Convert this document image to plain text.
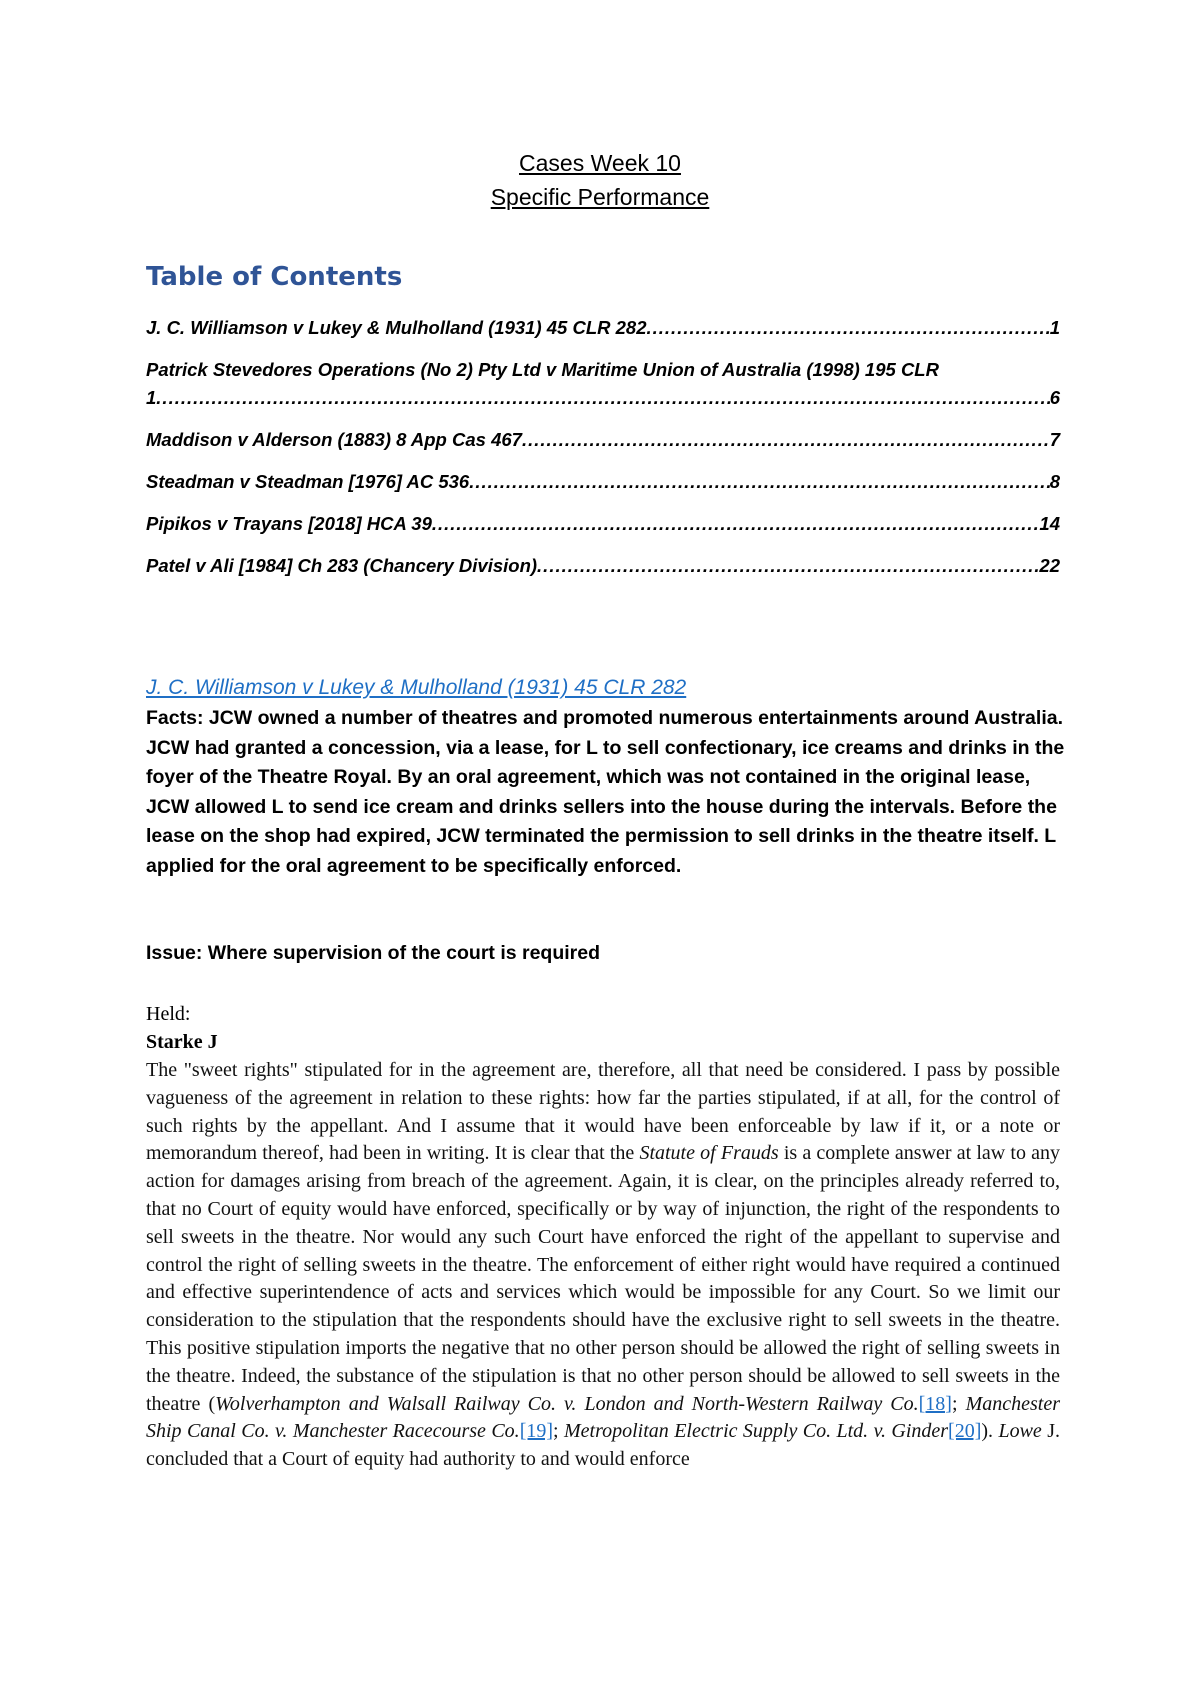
Cases Week 10
Specific Performance
Table of Contents
J. C. Williamson v Lukey & Mulholland (1931) 45 CLR 282 .....	1
Patrick Stevedores Operations (No 2) Pty Ltd v Maritime Union of Australia (1998) 195 CLR
1 .....	6
Maddison v Alderson (1883) 8 App Cas 467 .....	7
Steadman v Steadman [1976] AC 536 .....	8
Pipikos v Trayans [2018] HCA 39 .....	14
Patel v Ali [1984] Ch 283 (Chancery Division) .....	22
J. C. Williamson v Lukey & Mulholland (1931) 45 CLR 282
Facts: JCW owned a number of theatres and promoted numerous entertainments around Australia. JCW had granted a concession, via a lease, for L to sell confectionary, ice creams and drinks in the foyer of the Theatre Royal. By an oral agreement, which was not contained in the original lease, JCW allowed L to send ice cream and drinks sellers into the house during the intervals. Before the lease on the shop had expired, JCW terminated the permission to sell drinks in the theatre itself. L applied for the oral agreement to be specifically enforced.
Issue: Where supervision of the court is required
Held:
Starke J
The "sweet rights" stipulated for in the agreement are, therefore, all that need be considered. I pass by possible vagueness of the agreement in relation to these rights: how far the parties stipulated, if at all, for the control of such rights by the appellant. And I assume that it would have been enforceable by law if it, or a note or memorandum thereof, had been in writing. It is clear that the Statute of Frauds is a complete answer at law to any action for damages arising from breach of the agreement. Again, it is clear, on the principles already referred to, that no Court of equity would have enforced, specifically or by way of injunction, the right of the respondents to sell sweets in the theatre. Nor would any such Court have enforced the right of the appellant to supervise and control the right of selling sweets in the theatre. The enforcement of either right would have required a continued and effective superintendence of acts and services which would be impossible for any Court. So we limit our consideration to the stipulation that the respondents should have the exclusive right to sell sweets in the theatre. This positive stipulation imports the negative that no other person should be allowed the right of selling sweets in the theatre. Indeed, the substance of the stipulation is that no other person should be allowed to sell sweets in the theatre (Wolverhampton and Walsall Railway Co. v. London and North-Western Railway Co.[18]; Manchester Ship Canal Co. v. Manchester Racecourse Co.[19]; Metropolitan Electric Supply Co. Ltd. v. Ginder[20]). Lowe J. concluded that a Court of equity had authority to and would enforce
